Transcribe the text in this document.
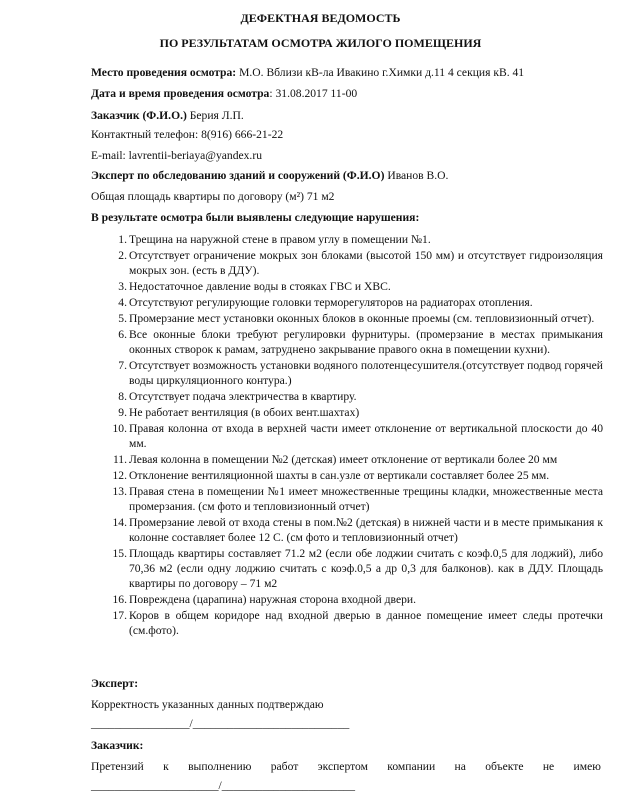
ДЕФЕКТНАЯ ВЕДОМОСТЬ
ПО РЕЗУЛЬТАТАМ ОСМОТРА ЖИЛОГО ПОМЕЩЕНИЯ
Место проведения осмотра: М.О. Вблизи кВ-ла Ивакино г.Химки д.11 4 секция кВ. 41
Дата и время проведения осмотра: 31.08.2017 11-00
Заказчик (Ф.И.О.) Берия Л.П.
Контактный телефон: 8(916) 666-21-22
E-mail: lavrentii-beriaya@yandex.ru
Эксперт по обследованию зданий и сооружений (Ф.И.О) Иванов В.О.
Общая площадь квартиры по договору (м²) 71 м2
В результате осмотра были выявлены следующие нарушения:
1. Трещина на наружной стене в правом углу в помещении №1.
2. Отсутствует ограничение мокрых зон блоками (высотой 150 мм) и отсутствует гидроизоляция мокрых зон. (есть в ДДУ).
3. Недостаточное давление воды в стояках ГВС и ХВС.
4. Отсутствуют регулирующие головки терморегуляторов на радиаторах отопления.
5. Промерзание мест установки оконных блоков в оконные проемы (см. тепловизионный отчет).
6. Все оконные блоки требуют регулировки фурнитуры. (промерзание в местах примыкания оконных створок к рамам, затруднено закрывание правого окна в помещении кухни).
7. Отсутствует возможность установки водяного полотенцесушителя.(отсутствует подвод горячей воды циркуляционного контура.)
8. Отсутствует подача электричества в квартиру.
9. Не работает вентиляция (в обоих вент.шахтах)
10. Правая колонна от входа в верхней части имеет отклонение от вертикальной плоскости до 40 мм.
11. Левая колонна в помещении №2 (детская) имеет отклонение от вертикали более 20 мм
12. Отклонение вентиляционной шахты в сан.узле от вертикали составляет более 25 мм.
13. Правая стена в помещении №1 имеет множественные трещины кладки, множественные места промерзания. (см фото и тепловизионный отчет)
14. Промерзание левой от входа стены в пом.№2 (детская) в нижней части и в месте примыкания к колонне составляет более 12 С. (см фото и тепловизионный отчет)
15. Площадь квартиры составляет 71.2 м2 (если обе лоджии считать с коэф.0,5 для лоджий), либо 70,36 м2 (если одну лоджию считать с коэф.0,5 а др 0,3 для балконов). как в ДДУ. Площадь квартиры по договору – 71 м2
16. Повреждена (царапина) наружная сторона входной двери.
17. Коров в общем коридоре над входной дверью в данное помещение имеет следы протечки (см.фото).
Эксперт:
Корректность указанных данных подтверждаю
_________________/___________________________
Заказчик:
Претензий к выполнению работ экспертом компании на объекте не имею
______________________/_______________________
